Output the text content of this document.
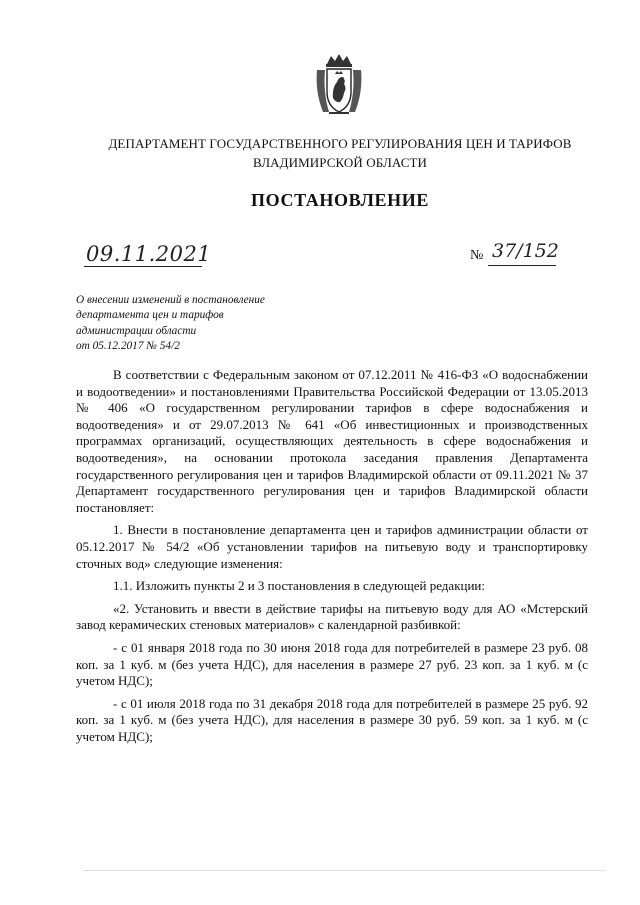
ДЕПАРТАМЕНТ ГОСУДАРСТВЕННОГО РЕГУЛИРОВАНИЯ ЦЕН И ТАРИФОВ
ВЛАДИМИРСКОЙ ОБЛАСТИ
ПОСТАНОВЛЕНИЕ
09.11.2021	№ 37/152
О внесении изменений в постановление
департамента цен и тарифов
администрации области
от 05.12.2017 № 54/2

В соответствии с Федеральным законом от 07.12.2011 № 416-ФЗ «О водоснабжении и водоотведении» и постановлениями Правительства Российской Федерации от 13.05.2013 № 406 «О государственном регулировании тарифов в сфере водоснабжения и водоотведения» и от 29.07.2013 № 641 «Об инвестиционных и производственных программах организаций, осуществляющих деятельность в сфере водоснабжения и водоотведения», на основании протокола заседания правления Департамента государственного регулирования цен и тарифов Владимирской области от 09.11.2021 № 37 Департамент государственного регулирования цен и тарифов Владимирской области постановляет:

1. Внести в постановление департамента цен и тарифов администрации области от 05.12.2017 № 54/2 «Об установлении тарифов на питьевую воду и транспортировку сточных вод» следующие изменения:

1.1. Изложить пункты 2 и 3 постановления в следующей редакции:

«2. Установить и ввести в действие тарифы на питьевую воду для АО «Мстерский завод керамических стеновых материалов» с календарной разбивкой:

- с 01 января 2018 года по 30 июня 2018 года для потребителей в размере 23 руб. 08 коп. за 1 куб. м (без учета НДС), для населения в размере 27 руб. 23 коп. за 1 куб. м (с учетом НДС);

- с 01 июля 2018 года по 31 декабря 2018 года для потребителей в размере 25 руб. 92 коп. за 1 куб. м (без учета НДС), для населения в размере 30 руб. 59 коп. за 1 куб. м (с учетом НДС);
